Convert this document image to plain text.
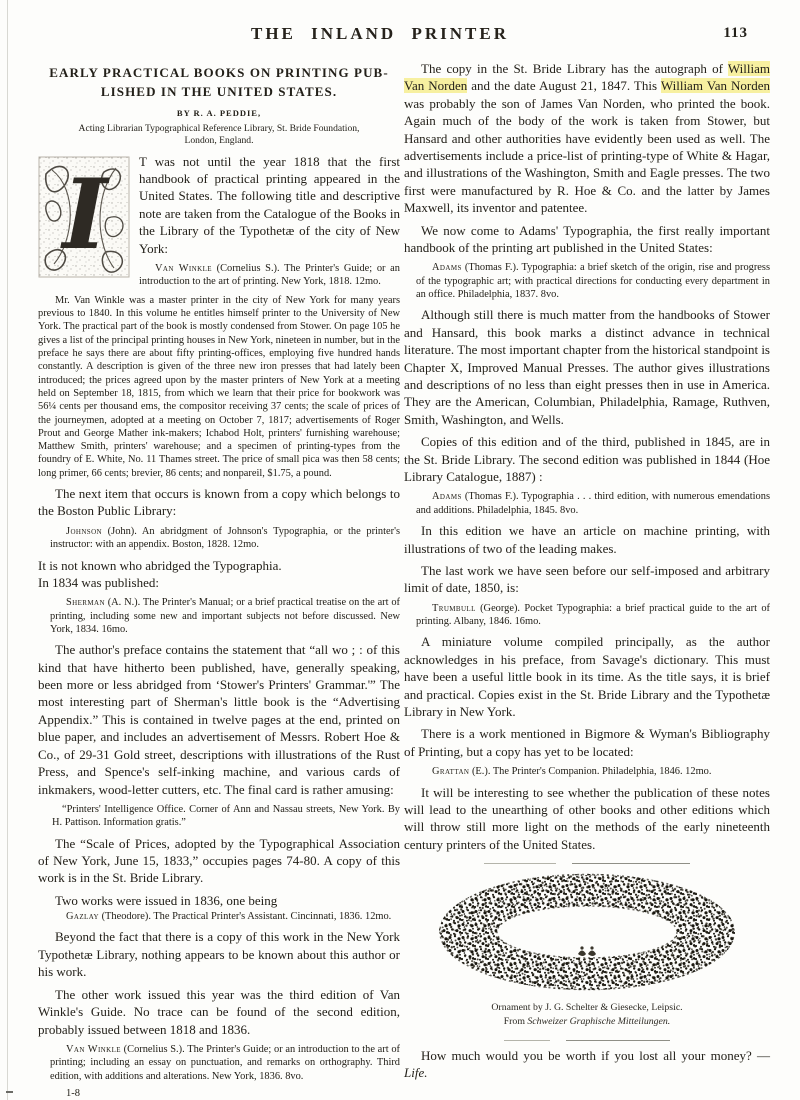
THE INLAND PRINTER	113
EARLY PRACTICAL BOOKS ON PRINTING PUB-
LISHED IN THE UNITED STATES.

BY R. A. PEDDIE,

Acting Librarian Typographical Reference Library, St. Bride Foundation,
London, England.

I	T was not until the year 1818 that the first handbook of practical printing appeared in the United States. The following title and descriptive note are taken from the Catalogue of the Books in the Library of the Typothetæ of the city of New York:

Van Winkle (Cornelius S.). The Printer's Guide; or an introduction to the art of printing. New York, 1818. 12mo.

Mr. Van Winkle was a master printer in the city of New York for many years previous to 1840. In this volume he entitles himself printer to the University of New York. The practical part of the book is mostly condensed from Stower. On page 105 he gives a list of the principal printing houses in New York, nineteen in number, but in the preface he says there are about fifty printing-offices, employing five hundred hands constantly. A description is given of the three new iron presses that had lately been introduced; the prices agreed upon by the master printers of New York at a meeting held on September 18, 1815, from which we learn that their price for bookwork was 56¼ cents per thousand ems, the compositor receiving 37 cents; the scale of prices of the journeymen, adopted at a meeting on October 7, 1817; advertisements of Roger Prout and George Mather ink-makers; Ichabod Holt, printers' furnishing warehouse; Matthew Smith, printers' warehouse; and a specimen of printing-types from the foundry of E. White, No. 11 Thames street. The price of small pica was then 58 cents; long primer, 66 cents; brevier, 86 cents; and nonpareil, $1.75, a pound.

The next item that occurs is known from a copy which belongs to the Boston Public Library:

Johnson (John). An abridgment of Johnson's Typographia, or the printer's instructor: with an appendix. Boston, 1828. 12mo.

It is not known who abridged the Typographia.

In 1834 was published:

Sherman (A. N.). The Printer's Manual; or a brief practical treatise on the art of printing, including some new and important subjects not before discussed. New York, 1834. 16mo.

The author's preface contains the statement that “all wo ; : of this kind that have hitherto been published, have, generally speaking, been more or less abridged from ‘Stower's Printers' Grammar.'” The most interesting part of Sherman's little book is the “Advertising Appendix.” This is contained in twelve pages at the end, printed on blue paper, and includes an advertisement of Messrs. Robert Hoe & Co., of 29-31 Gold street, descriptions with illustrations of the Rust Press, and Spence's self-inking machine, and various cards of inkmakers, wood-letter cutters, etc. The final card is rather amusing:

“Printers' Intelligence Office. Corner of Ann and Nassau streets, New York. By H. Pattison. Information gratis.”

The “Scale of Prices, adopted by the Typographical Association of New York, June 15, 1833,” occupies pages 74-80. A copy of this work is in the St. Bride Library.

Two works were issued in 1836, one being

Gazlay (Theodore). The Practical Printer's Assistant. Cincinnati, 1836. 12mo.

Beyond the fact that there is a copy of this work in the New York Typothetæ Library, nothing appears to be known about this author or his work.

The other work issued this year was the third edition of Van Winkle's Guide. No trace can be found of the second edition, probably issued between 1818 and 1836.

Van Winkle (Cornelius S.). The Printer's Guide; or an introduction to the art of printing; including an essay on punctuation, and remarks on orthography. Third edition, with additions and alterations. New York, 1836. 8vo.

1-8

The copy in the St. Bride Library has the autograph of William Van Norden and the date August 21, 1847. This William Van Norden was probably the son of James Van Norden, who printed the book. Again much of the body of the work is taken from Stower, but Hansard and other authorities have evidently been used as well. The advertisements include a price-list of printing-type of White & Hagar, and illustrations of the Washington, Smith and Eagle presses. The two first were manufactured by R. Hoe & Co. and the latter by James Maxwell, its inventor and patentee.

We now come to Adams' Typographia, the first really important handbook of the printing art published in the United States:

Adams (Thomas F.). Typographia: a brief sketch of the origin, rise and progress of the typographic art; with practical directions for conducting every department in an office. Philadelphia, 1837. 8vo.

Although still there is much matter from the handbooks of Stower and Hansard, this book marks a distinct advance in technical literature. The most important chapter from the historical standpoint is Chapter X, Improved Manual Presses. The author gives illustrations and descriptions of no less than eight presses then in use in America. They are the American, Columbian, Philadelphia, Ramage, Ruthven, Smith, Washington, and Wells.

Copies of this edition and of the third, published in 1845, are in the St. Bride Library. The second edition was published in 1844 (Hoe Library Catalogue, 1887) :

Adams (Thomas F.). Typographia . . . third edition, with numerous emendations and additions. Philadelphia, 1845. 8vo.

In this edition we have an article on machine printing, with illustrations of two of the leading makes.

The last work we have seen before our self-imposed and arbitrary limit of date, 1850, is:

Trumbull (George). Pocket Typographia: a brief practical guide to the art of printing. Albany, 1846. 16mo.

A miniature volume compiled principally, as the author acknowledges in his preface, from Savage's dictionary. This must have been a useful little book in its time. As the title says, it is brief and practical. Copies exist in the St. Bride Library and the Typothetæ Library in New York.

There is a work mentioned in Bigmore & Wyman's Bibliography of Printing, but a copy has yet to be located:

Grattan (E.). The Printer's Companion. Philadelphia, 1846. 12mo.

It will be interesting to see whether the publication of these notes will lead to the unearthing of other books and other editions which will throw still more light on the methods of the early nineteenth century printers of the United States.

Ornament by J. G. Schelter & Giesecke, Leipsic.
From Schweizer Graphische Mitteilungen.

How much would you be worth if you lost all your money? — Life.
